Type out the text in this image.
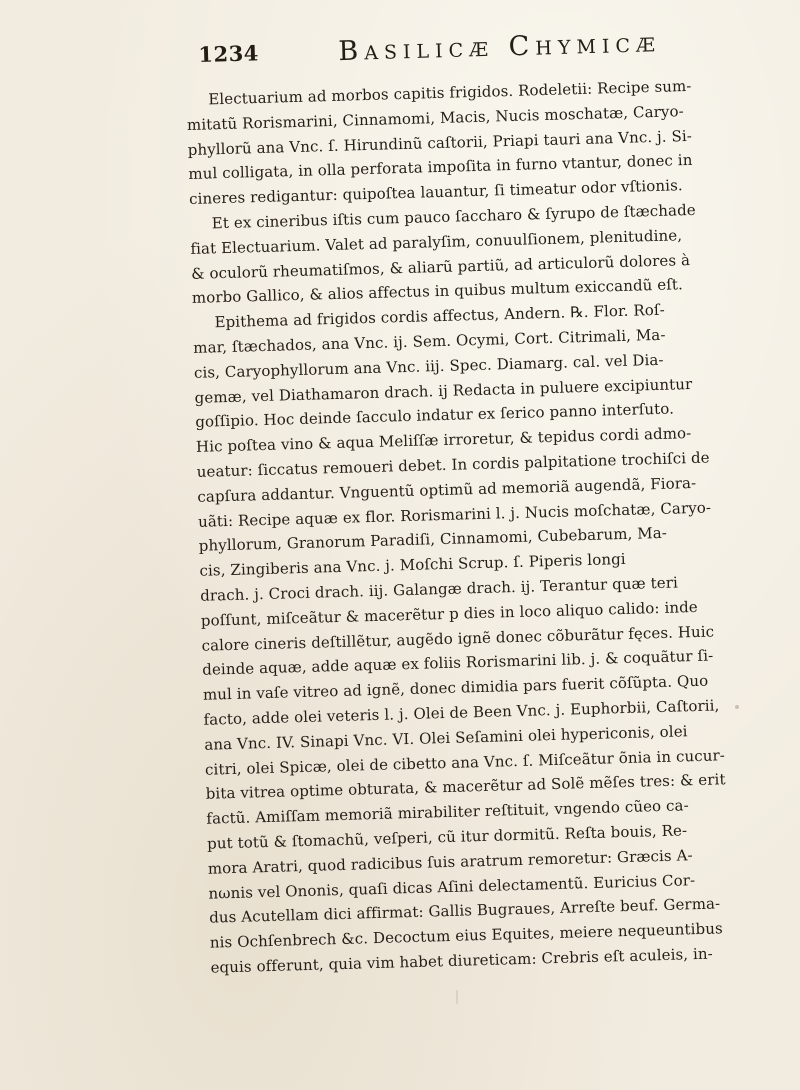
1234	Basilicæ Chymicæ
Electuarium ad morbos capitis frigidos. Rodeletii: Recipe sum-
mitatũ Rorismarini, Cinnamomi, Macis, Nucis moschatæ, Caryo-
phyllorũ ana Vnc. ſ. Hirundinũ caſtorii, Priapi tauri ana Vnc. j. Si-
mul colligata, in olla perforata impoſita in furno vtantur, donec in
cineres redigantur: quipoſtea lauantur, ſi timeatur odor vſtionis.
Et ex cineribus iſtis cum pauco ſaccharo & ſyrupo de ſtæchade
fiat Electuarium. Valet ad paralyſim, conuulſionem, plenitudine,
& oculorũ rheumatiſmos, & aliarũ partiũ, ad articulorũ dolores à
morbo Gallico, & alios affectus in quibus multum exiccandũ eſt.
Epithema ad frigidos cordis affectus, Andern. ℞. Flor. Roſ-
mar, ſtæchados, ana Vnc. ij. Sem. Ocymi, Cort. Citrimali, Ma-
cis, Caryophyllorum ana Vnc. iij. Spec. Diamarg. cal. vel Dia-
gemæ, vel Diathamaron drach. ij Redacta in puluere excipiuntur
goſſipio. Hoc deinde ſacculo indatur ex ſerico panno interſuto.
Hic poſtea vino & aqua Meliſſæ irroretur, & tepidus cordi admo-
ueatur: ſiccatus remoueri debet. In cordis palpitatione trochiſci de
capſura addantur. Vnguentũ optimũ ad memoriã augendã, Fiora-
uãti: Recipe aquæ ex flor. Rorismarini l. j. Nucis moſchatæ, Caryo-
phyllorum, Granorum Paradiſi, Cinnamomi, Cubebarum, Ma-
cis, Zingiberis ana Vnc. j. Moſchi Scrup. ſ. Piperis longi
drach. j. Croci drach. iij. Galangæ drach. ij. Terantur quæ teri
poſſunt, miſceãtur & macerẽtur p dies in loco aliquo calido: inde
calore cineris deſtillẽtur, augẽdo ignẽ donec cõburãtur fęces. Huic
deinde aquæ, adde aquæ ex foliis Rorismarini lib. j. & coquãtur ſi-
mul in vaſe vitreo ad ignẽ, donec dimidia pars fuerit cõſũpta. Quo
facto, adde olei veteris l. j. Olei de Been Vnc. j. Euphorbii, Caſtorii,
ana Vnc. IV. Sinapi Vnc. VI. Olei Seſamini olei hypericonis, olei
citri, olei Spicæ, olei de cibetto ana Vnc. ſ. Miſceãtur õnia in cucur-
bita vitrea optime obturata, & macerẽtur ad Solẽ mẽſes tres: & erit
factũ. Amiſſam memoriã mirabiliter reſtituit, vngendo cũeo ca-
put totũ & ſtomachũ, veſperi, cũ itur dormitũ. Reſta bouis, Re-
mora Aratri, quod radicibus ſuis aratrum remoretur: Græcis A-
nωnis vel Ononis, quaſi dicas Aſini delectamentũ. Euricius Cor-
dus Acutellam dici affirmat: Gallis Bugraues, Arreſte beuf. Germa-
nis Ochſenbrech &c. Decoctum eius Equites, meiere nequeuntibus
equis offerunt, quia vim habet diureticam: Crebris eſt aculeis, in-
